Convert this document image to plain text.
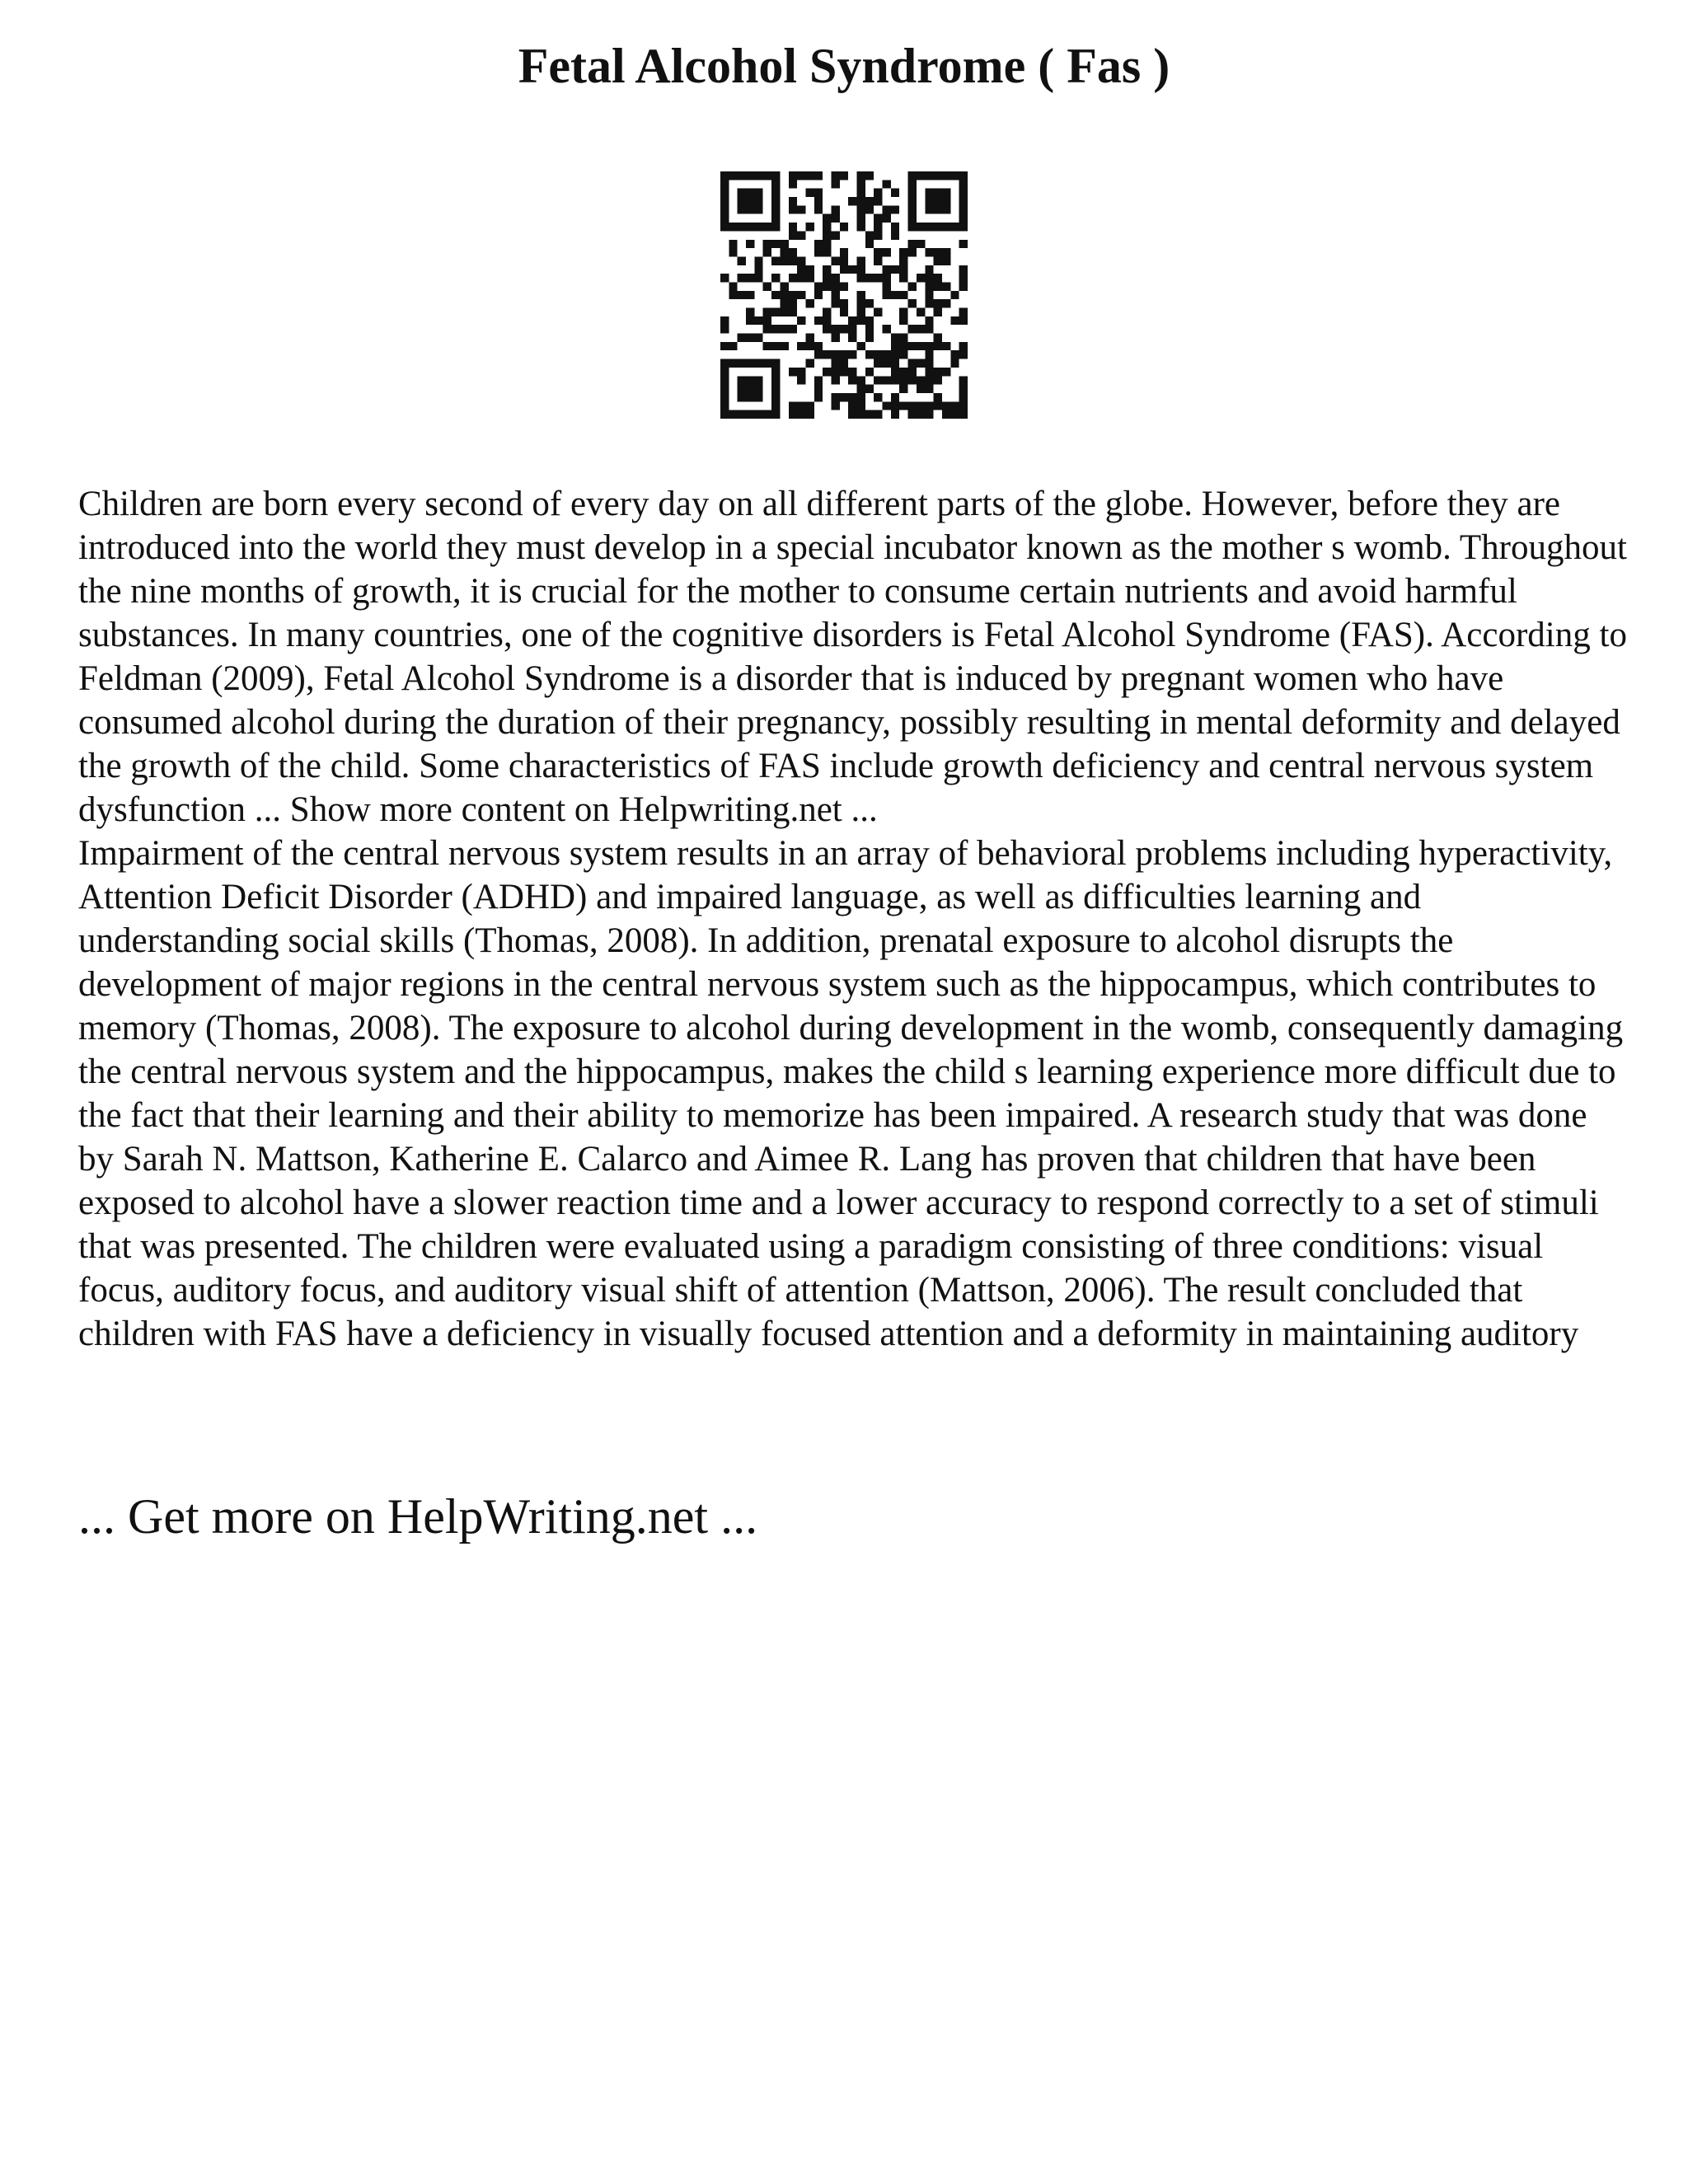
Fetal Alcohol Syndrome ( Fas )

Children are born every second of every day on all different parts of the globe. However, before they are introduced into the world they must develop in a special incubator known as the mother s womb. Throughout the nine months of growth, it is crucial for the mother to consume certain nutrients and avoid harmful substances. In many countries, one of the cognitive disorders is Fetal Alcohol Syndrome (FAS). According to Feldman (2009), Fetal Alcohol Syndrome is a disorder that is induced by pregnant women who have consumed alcohol during the duration of their pregnancy, possibly resulting in mental deformity and delayed the growth of the child. Some characteristics of FAS include growth deficiency and central nervous system dysfunction ... Show more content on Helpwriting.net ...

Impairment of the central nervous system results in an array of behavioral problems including hyperactivity, Attention Deficit Disorder (ADHD) and impaired language, as well as difficulties learning and understanding social skills (Thomas, 2008). In addition, prenatal exposure to alcohol disrupts the development of major regions in the central nervous system such as the hippocampus, which contributes to memory (Thomas, 2008). The exposure to alcohol during development in the womb, consequently damaging the central nervous system and the hippocampus, makes the child s learning experience more difficult due to the fact that their learning and their ability to memorize has been impaired. A research study that was done by Sarah N. Mattson, Katherine E. Calarco and Aimee R. Lang has proven that children that have been exposed to alcohol have a slower reaction time and a lower accuracy to respond correctly to a set of stimuli that was presented. The children were evaluated using a paradigm consisting of three conditions: visual focus, auditory focus, and auditory visual shift of attention (Mattson, 2006). The result concluded that children with FAS have a deficiency in visually focused attention and a deformity in maintaining auditory

... Get more on HelpWriting.net ...
